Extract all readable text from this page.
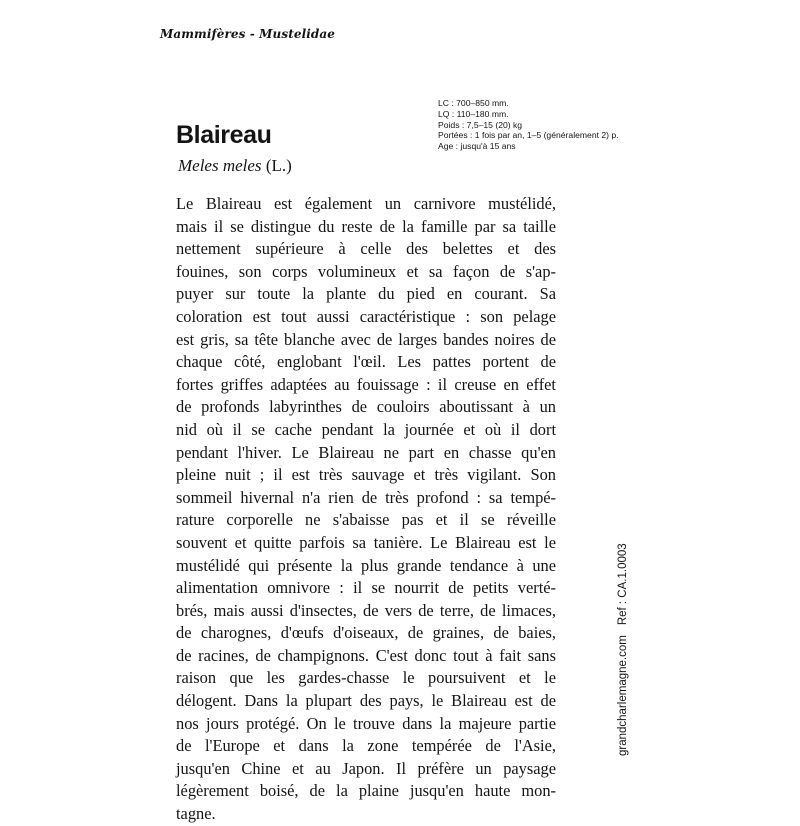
Mammifères - Mustelidae
LC : 700–850 mm.
LQ : 110–180 mm.
Poids : 7,5–15 (20) kg
Portées : 1 fois par an, 1–5 (généralement 2) p.
Age : jusqu'à 15 ans
Blaireau
Meles meles (L.)
Le Blaireau est également un carnivore mustélidé,
mais il se distingue du reste de la famille par sa taille
nettement supérieure à celle des belettes et des
fouines, son corps volumineux et sa façon de s'ap-
puyer sur toute la plante du pied en courant. Sa
coloration est tout aussi caractéristique : son pelage
est gris, sa tête blanche avec de larges bandes noires de
chaque côté, englobant l'œil. Les pattes portent de
fortes griffes adaptées au fouissage : il creuse en effet
de profonds labyrinthes de couloirs aboutissant à un
nid où il se cache pendant la journée et où il dort
pendant l'hiver. Le Blaireau ne part en chasse qu'en
pleine nuit ; il est très sauvage et très vigilant. Son
sommeil hivernal n'a rien de très profond : sa tempé-
rature corporelle ne s'abaisse pas et il se réveille
souvent et quitte parfois sa tanière. Le Blaireau est le
mustélidé qui présente la plus grande tendance à une
alimentation omnivore : il se nourrit de petits verté-
brés, mais aussi d'insectes, de vers de terre, de limaces,
de charognes, d'œufs d'oiseaux, de graines, de baies,
de racines, de champignons. C'est donc tout à fait sans
raison que les gardes-chasse le poursuivent et le
délogent. Dans la plupart des pays, le Blaireau est de
nos jours protégé. On le trouve dans la majeure partie
de l'Europe et dans la zone tempérée de l'Asie,
jusqu'en Chine et au Japon. Il préfère un paysage
légèrement boisé, de la plaine jusqu'en haute mon-
tagne.
grandcharlemagne.comRef : CA.1.0003
